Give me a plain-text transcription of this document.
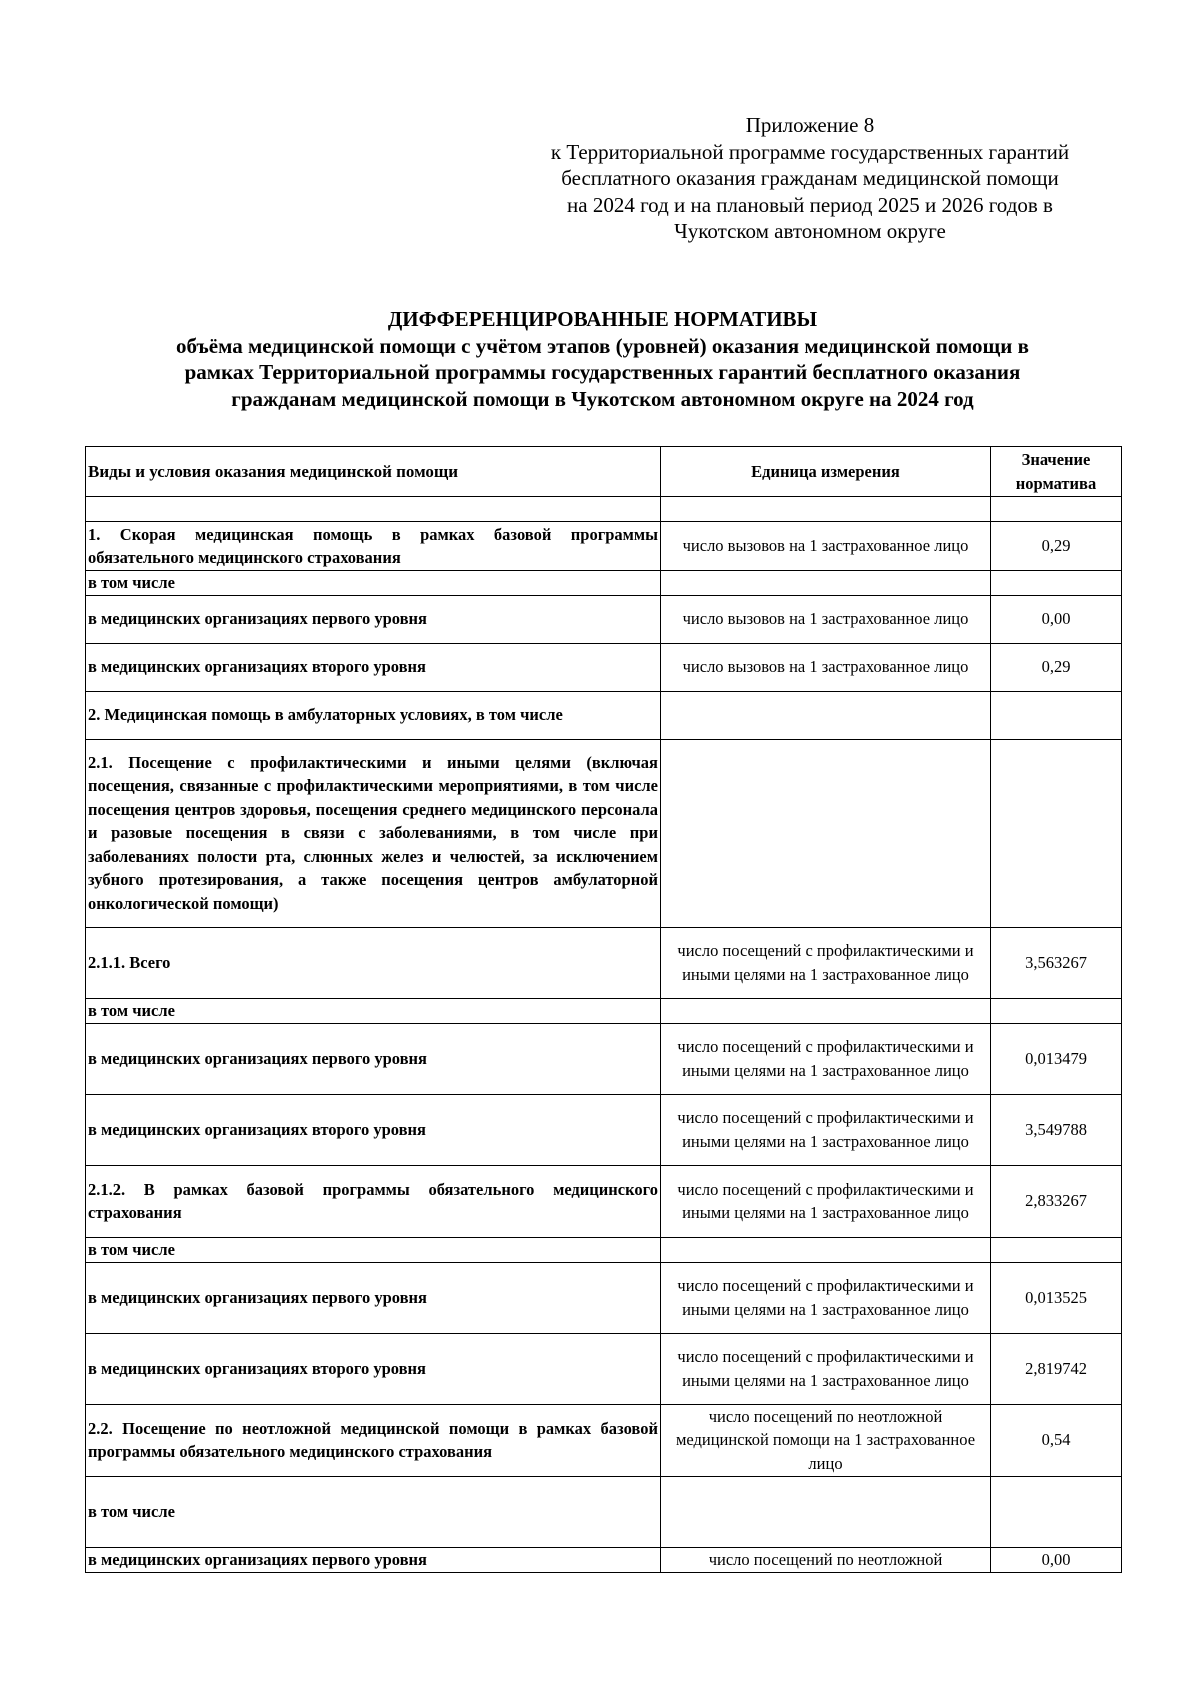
Приложение 8
к Территориальной программе государственных гарантий
бесплатного оказания гражданам медицинской помощи
на 2024 год и на плановый период 2025 и 2026 годов в
Чукотском автономном округе
ДИФФЕРЕНЦИРОВАННЫЕ НОРМАТИВЫ
объёма медицинской помощи с учётом этапов (уровней) оказания медицинской помощи в
рамках Территориальной программы государственных гарантий бесплатного оказания
гражданам медицинской помощи в Чукотском автономном округе на 2024 год
Виды и условия оказания медицинской помощи	Единица измерения	Значение норматива

1. Скорая медицинская помощь в рамках базовой программы обязательного медицинского страхования	число вызовов на 1 застрахованное лицо	0,29
в том числе		
в медицинских организациях первого уровня	число вызовов на 1 застрахованное лицо	0,00
в медицинских организациях второго уровня	число вызовов на 1 застрахованное лицо	0,29
2. Медицинская помощь в амбулаторных условиях, в том числе		
2.1. Посещение с профилактическими и иными целями (включая посещения, связанные с профилактическими мероприятиями, в том числе посещения центров здоровья, посещения среднего медицинского персонала и разовые посещения в связи с заболеваниями, в том числе при заболеваниях полости рта, слюнных желез и челюстей, за исключением зубного протезирования, а также посещения центров амбулаторной онкологической помощи)		
2.1.1. Всего	число посещений с профилактическими и иными целями на 1 застрахованное лицо	3,563267
в том числе		
в медицинских организациях первого уровня	число посещений с профилактическими и иными целями на 1 застрахованное лицо	0,013479
в медицинских организациях второго уровня	число посещений с профилактическими и иными целями на 1 застрахованное лицо	3,549788
2.1.2. В рамках базовой программы обязательного медицинского страхования	число посещений с профилактическими и иными целями на 1 застрахованное лицо	2,833267
в том числе		
в медицинских организациях первого уровня	число посещений с профилактическими и иными целями на 1 застрахованное лицо	0,013525
в медицинских организациях второго уровня	число посещений с профилактическими и иными целями на 1 застрахованное лицо	2,819742
2.2. Посещение по неотложной медицинской помощи в рамках базовой программы обязательного медицинского страхования	число посещений по неотложной медицинской помощи на 1 застрахованное лицо	0,54
в том числе		
в медицинских организациях первого уровня	число посещений по неотложной	0,00
